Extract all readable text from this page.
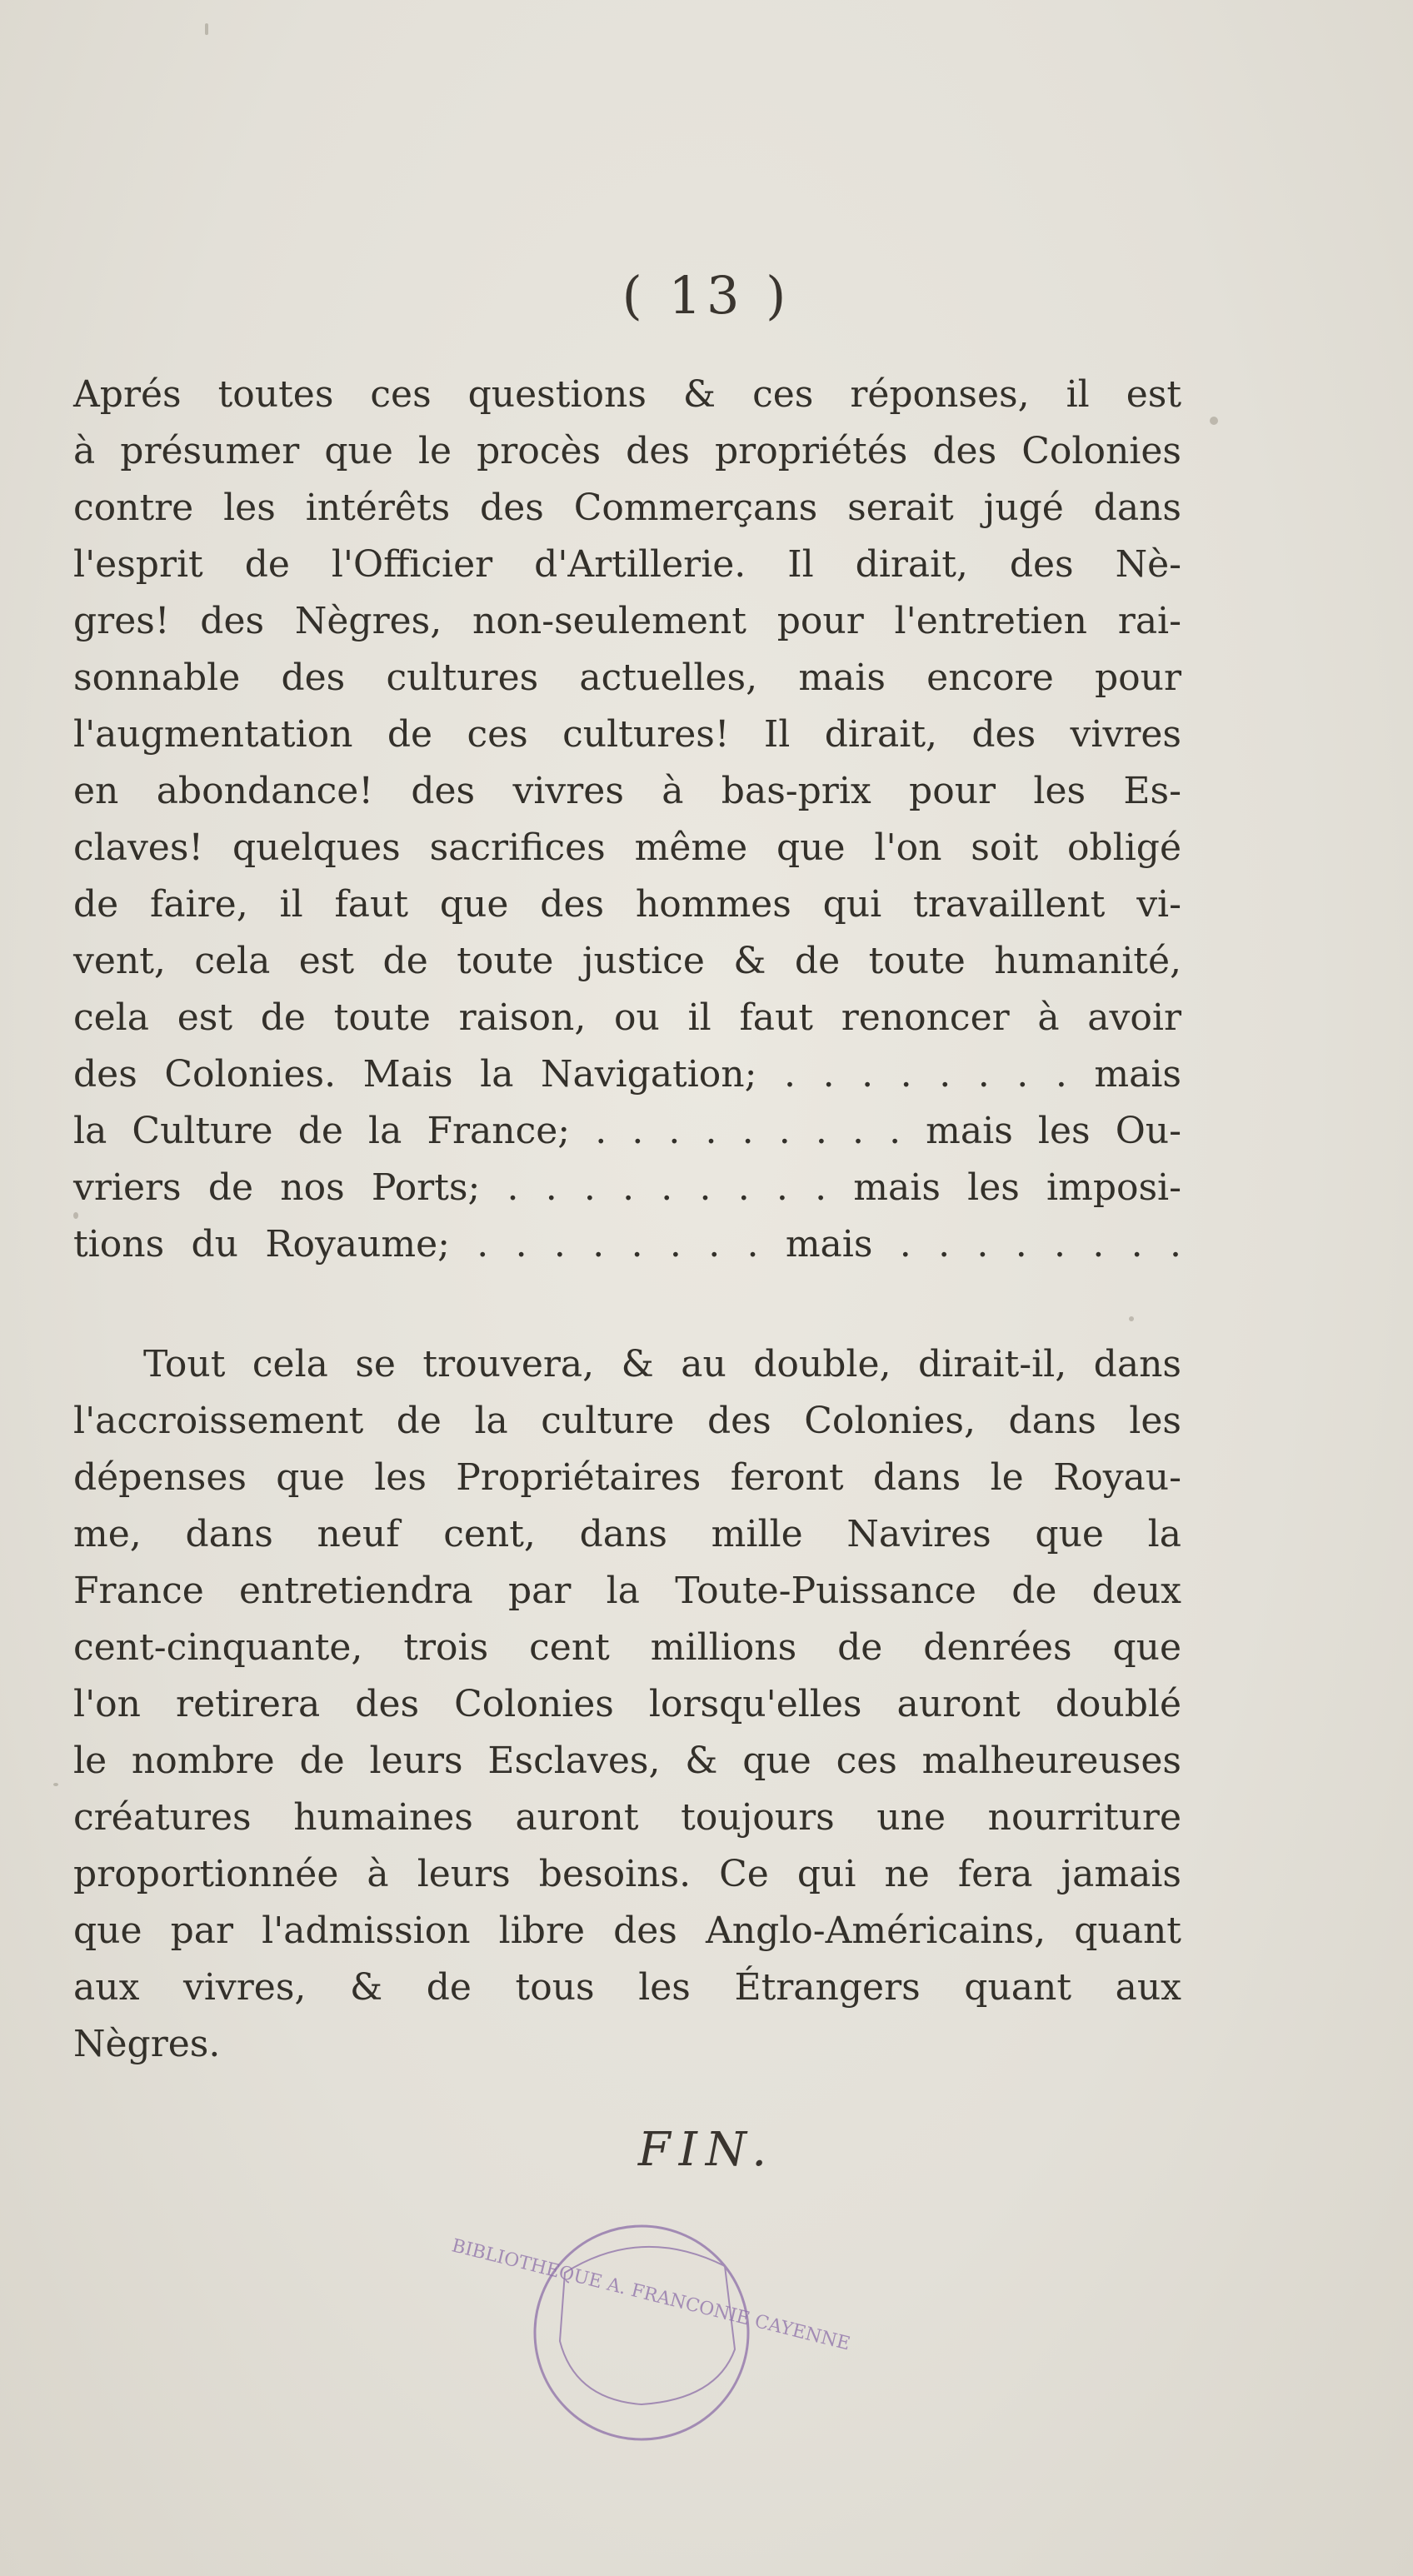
( 13 )
Aprés toutes ces questions & ces réponses, il est
à présumer que le procès des propriétés des Colonies
contre les intérêts des Commerçans serait jugé dans
l'esprit de l'Officier d'Artillerie. Il dirait, des Nè-
gres! des Nègres, non-seulement pour l'entretien rai-
sonnable des cultures actuelles, mais encore pour
l'augmentation de ces cultures! Il dirait, des vivres
en abondance! des vivres à bas-prix pour les Es-
claves! quelques sacrifices même que l'on soit obligé
de faire, il faut que des hommes qui travaillent vi-
vent, cela est de toute justice & de toute humanité,
cela est de toute raison, ou il faut renoncer à avoir
des Colonies. Mais la Navigation; . . . . . . . . mais
la Culture de la France; . . . . . . . . . mais les Ou-
vriers de nos Ports; . . . . . . . . . mais les imposi-
tions du Royaume; . . . . . . . . mais . . . . . . . .
Tout cela se trouvera, & au double, dirait-il, dans
l'accroissement de la culture des Colonies, dans les
dépenses que les Propriétaires feront dans le Royau-
me, dans neuf cent, dans mille Navires que la
France entretiendra par la Toute-Puissance de deux
cent-cinquante, trois cent millions de denrées que
l'on retirera des Colonies lorsqu'elles auront doublé
le nombre de leurs Esclaves, & que ces malheureuses
créatures humaines auront toujours une nourriture
proportionnée à leurs besoins. Ce qui ne fera jamais
que par l'admission libre des Anglo-Américains, quant
aux vivres, & de tous les Étrangers quant aux
Nègres.
FIN.
BIBLIOTHEQUE A. FRANCONIE CAYENNE
